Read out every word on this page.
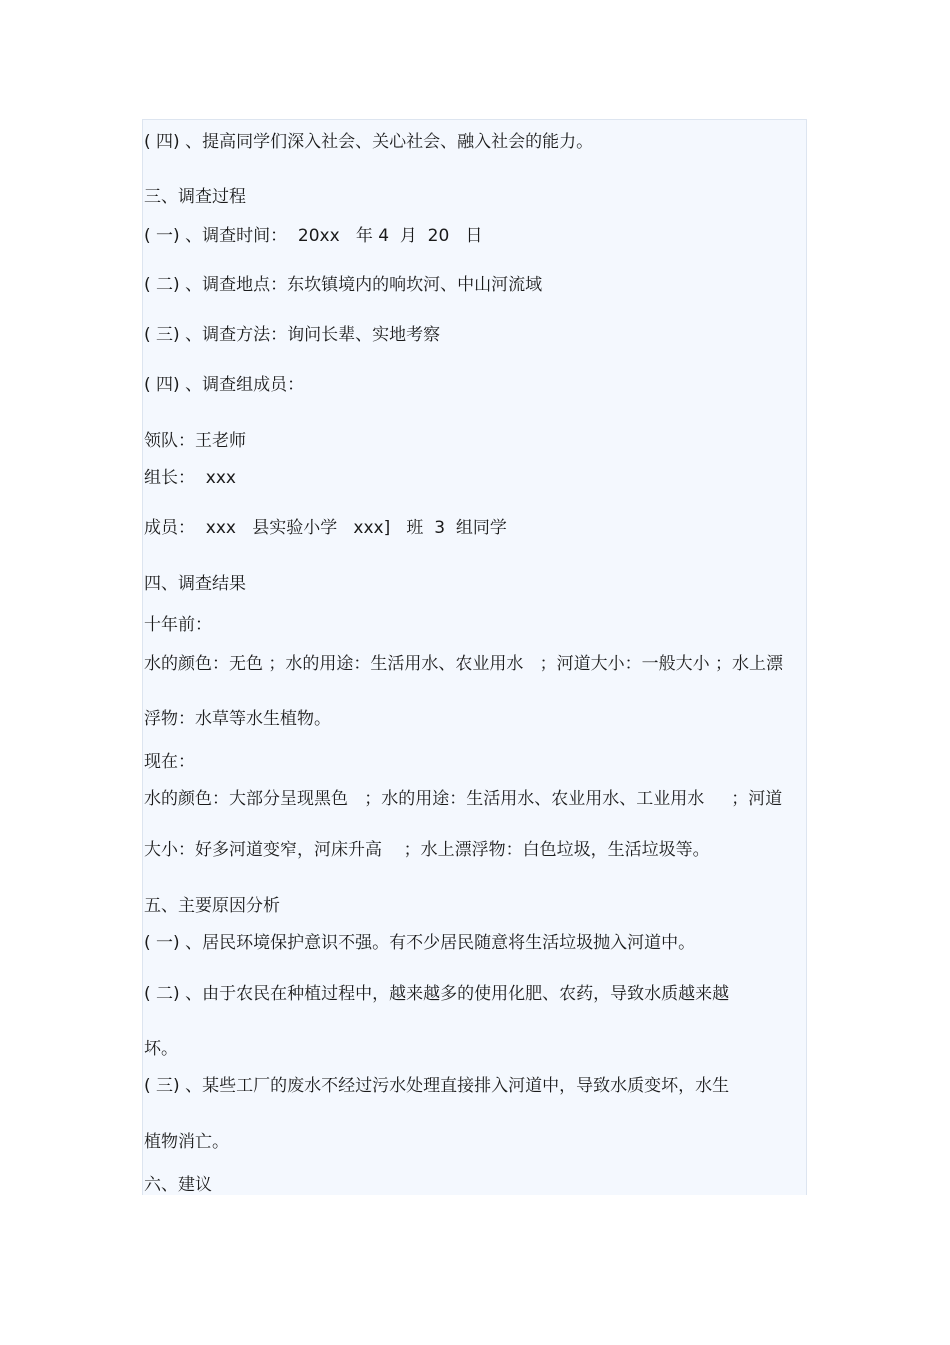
( 四) 、提高同学们深入社会、关心社会、融入社会的能力。

三、调查过程

( 一) 、调查时间：  20xx   年 4  月  20   日

( 二) 、调查地点：东坎镇境内的响坎河、中山河流域

( 三) 、调查方法：询问长辈、实地考察

( 四) 、调查组成员：

领队：王老师

组长：  xxx

成员：  xxx   县实验小学   xxx]   班  3  组同学

四、调查结果

十年前：

水的颜色：无色 ；水的用途：生活用水、农业用水   ；河道大小：一般大小 ；水上漂

浮物：水草等水生植物。

现在：

水的颜色：大部分呈现黑色   ；水的用途：生活用水、农业用水、工业用水     ；河道

大小：好多河道变窄，河床升高    ；水上漂浮物：白色垃圾，生活垃圾等。

五、主要原因分析

( 一) 、居民环境保护意识不强。有不少居民随意将生活垃圾抛入河道中。

( 二) 、由于农民在种植过程中，越来越多的使用化肥、农药，导致水质越来越

坏。

( 三) 、某些工厂的废水不经过污水处理直接排入河道中，导致水质变坏，水生

植物消亡。

六、建议
